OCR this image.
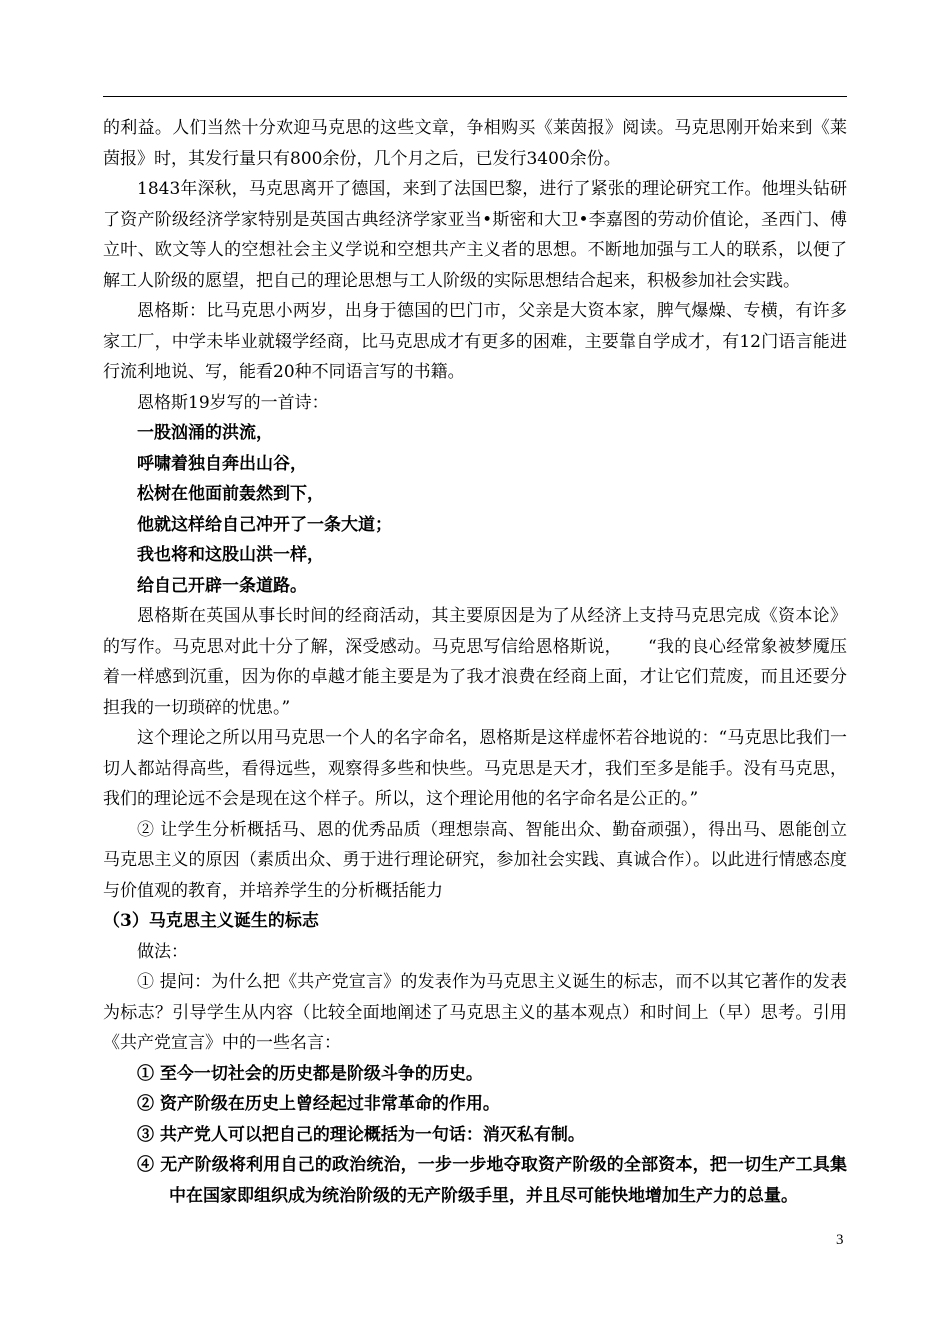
的利益。人们当然十分欢迎马克思的这些文章，争相购买《莱茵报》阅读。马克思刚开始来到《莱茵报》时，其发行量只有800余份，几个月之后，已发行3400余份。

1843年深秋，马克思离开了德国，来到了法国巴黎，进行了紧张的理论研究工作。他埋头钻研了资产阶级经济学家特别是英国古典经济学家亚当•斯密和大卫•李嘉图的劳动价值论，圣西门、傅立叶、欧文等人的空想社会主义学说和空想共产主义者的思想。不断地加强与工人的联系，以便了解工人阶级的愿望，把自己的理论思想与工人阶级的实际思想结合起来，积极参加社会实践。

恩格斯：比马克思小两岁，出身于德国的巴门市，父亲是大资本家，脾气爆燥、专横，有许多家工厂，中学未毕业就辍学经商，比马克思成才有更多的困难，主要靠自学成才，有12门语言能进行流利地说、写，能看20种不同语言写的书籍。

恩格斯19岁写的一首诗：

一股汹涌的洪流，

呼啸着独自奔出山谷，

松树在他面前轰然到下，

他就这样给自己冲开了一条大道；

我也将和这股山洪一样，

给自己开辟一条道路。

恩格斯在英国从事长时间的经商活动，其主要原因是为了从经济上支持马克思完成《资本论》的写作。马克思对此十分了解，深受感动。马克思写信给恩格斯说，　　“我的良心经常象被梦魇压着一样感到沉重，因为你的卓越才能主要是为了我才浪费在经商上面，才让它们荒废，而且还要分担我的一切琐碎的忧患。”

这个理论之所以用马克思一个人的名字命名，恩格斯是这样虚怀若谷地说的：“马克思比我们一切人都站得高些，看得远些，观察得多些和快些。马克思是天才，我们至多是能手。没有马克思，我们的理论远不会是现在这个样子。所以，这个理论用他的名字命名是公正的。”

② 让学生分析概括马、恩的优秀品质（理想崇高、智能出众、勤奋顽强），得出马、恩能创立马克思主义的原因（素质出众、勇于进行理论研究，参加社会实践、真诚合作）。以此进行情感态度与价值观的教育，并培养学生的分析概括能力

（3）马克思主义诞生的标志

做法：

① 提问：为什么把《共产党宣言》的发表作为马克思主义诞生的标志，而不以其它著作的发表为标志？引导学生从内容（比较全面地阐述了马克思主义的基本观点）和时间上（早）思考。引用《共产党宣言》中的一些名言：

① 至今一切社会的历史都是阶级斗争的历史。

② 资产阶级在历史上曾经起过非常革命的作用。

③ 共产党人可以把自己的理论概括为一句话：消灭私有制。

④ 无产阶级将利用自己的政治统治，一步一步地夺取资产阶级的全部资本，把一切生产工具集中在国家即组织成为统治阶级的无产阶级手里，并且尽可能快地增加生产力的总量。

3
